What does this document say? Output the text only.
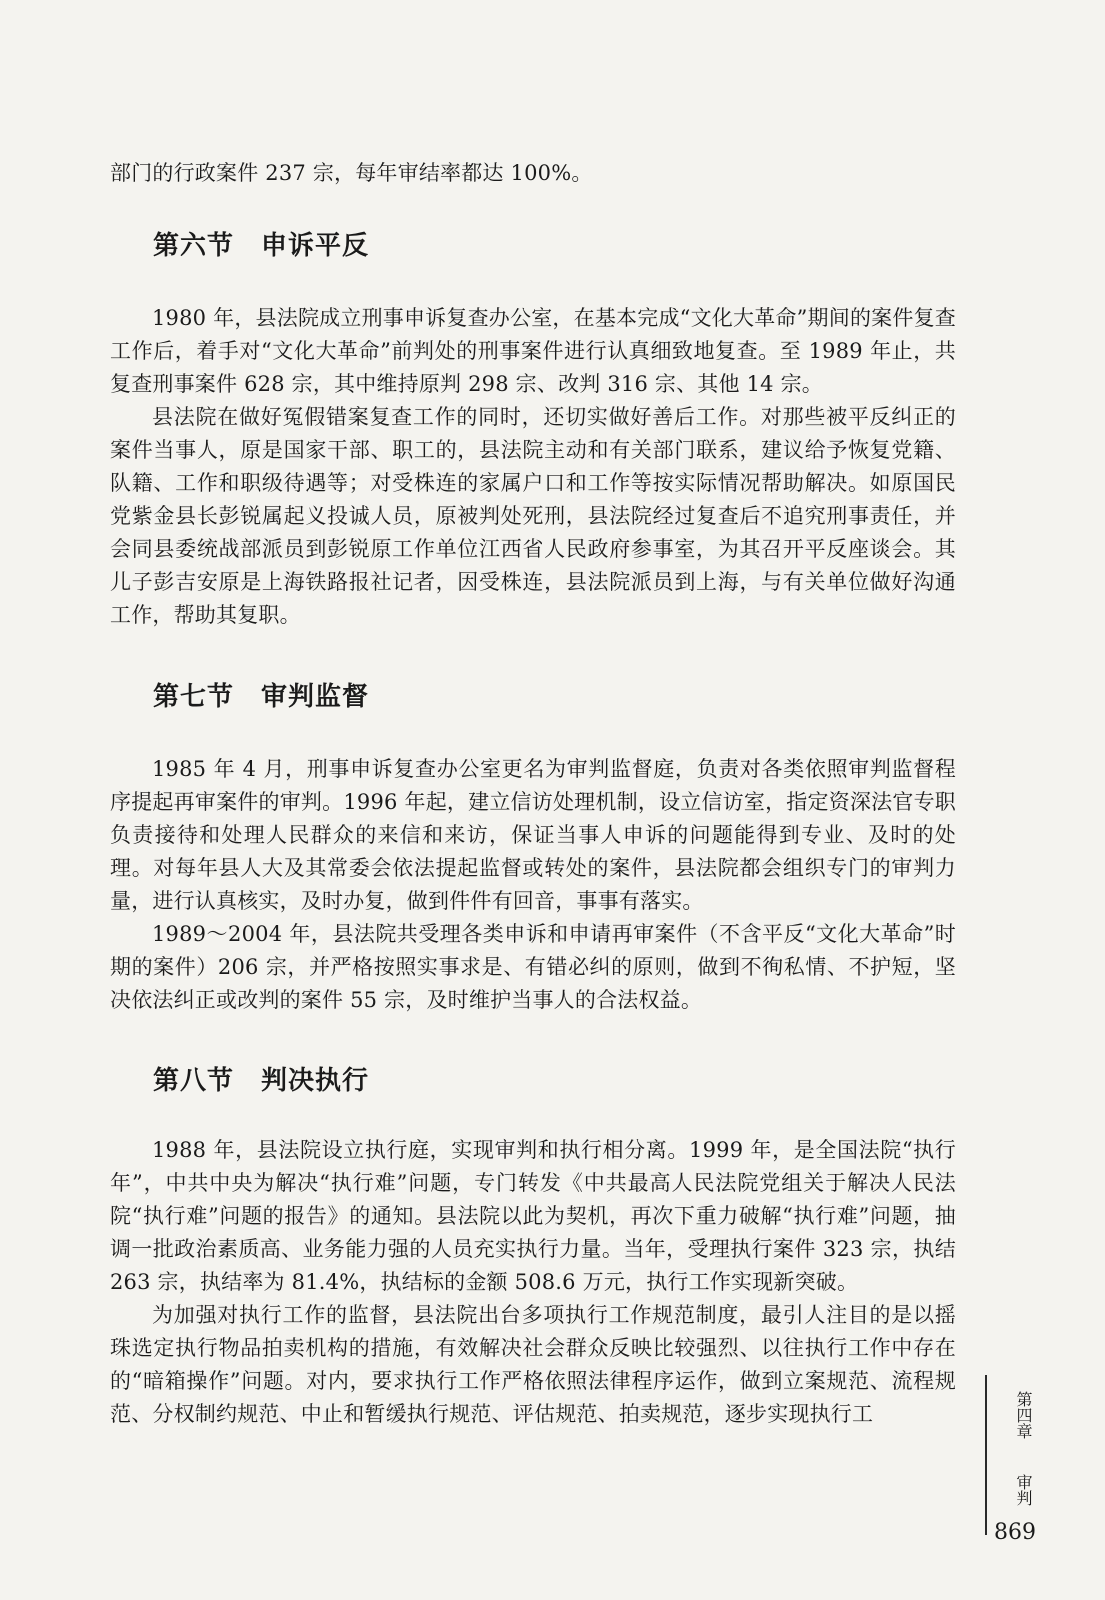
部门的行政案件 237 宗，每年审结率都达 100%。

第六节　申诉平反

1980 年，县法院成立刑事申诉复查办公室，在基本完成“文化大革命”期间的案件复查工作后，着手对“文化大革命”前判处的刑事案件进行认真细致地复查。至 1989 年止，共复查刑事案件 628 宗，其中维持原判 298 宗、改判 316 宗、其他 14 宗。

县法院在做好冤假错案复查工作的同时，还切实做好善后工作。对那些被平反纠正的案件当事人，原是国家干部、职工的，县法院主动和有关部门联系，建议给予恢复党籍、队籍、工作和职级待遇等；对受株连的家属户口和工作等按实际情况帮助解决。如原国民党紫金县长彭锐属起义投诚人员，原被判处死刑，县法院经过复查后不追究刑事责任，并会同县委统战部派员到彭锐原工作单位江西省人民政府参事室，为其召开平反座谈会。其儿子彭吉安原是上海铁路报社记者，因受株连，县法院派员到上海，与有关单位做好沟通工作，帮助其复职。

第七节　审判监督

1985 年 4 月，刑事申诉复查办公室更名为审判监督庭，负责对各类依照审判监督程序提起再审案件的审判。1996 年起，建立信访处理机制，设立信访室，指定资深法官专职负责接待和处理人民群众的来信和来访，保证当事人申诉的问题能得到专业、及时的处理。对每年县人大及其常委会依法提起监督或转处的案件，县法院都会组织专门的审判力量，进行认真核实，及时办复，做到件件有回音，事事有落实。

1989～2004 年，县法院共受理各类申诉和申请再审案件（不含平反“文化大革命”时期的案件）206 宗，并严格按照实事求是、有错必纠的原则，做到不徇私情、不护短，坚决依法纠正或改判的案件 55 宗，及时维护当事人的合法权益。

第八节　判决执行

1988 年，县法院设立执行庭，实现审判和执行相分离。1999 年，是全国法院“执行年”，中共中央为解决“执行难”问题，专门转发《中共最高人民法院党组关于解决人民法院“执行难”问题的报告》的通知。县法院以此为契机，再次下重力破解“执行难”问题，抽调一批政治素质高、业务能力强的人员充实执行力量。当年，受理执行案件 323 宗，执结 263 宗，执结率为 81.4%，执结标的金额 508.6 万元，执行工作实现新突破。

为加强对执行工作的监督，县法院出台多项执行工作规范制度，最引人注目的是以摇珠选定执行物品拍卖机构的措施，有效解决社会群众反映比较强烈、以往执行工作中存在的“暗箱操作”问题。对内，要求执行工作严格依照法律程序运作，做到立案规范、流程规范、分权制约规范、中止和暂缓执行规范、评估规范、拍卖规范，逐步实现执行工	第四章
审判
869
